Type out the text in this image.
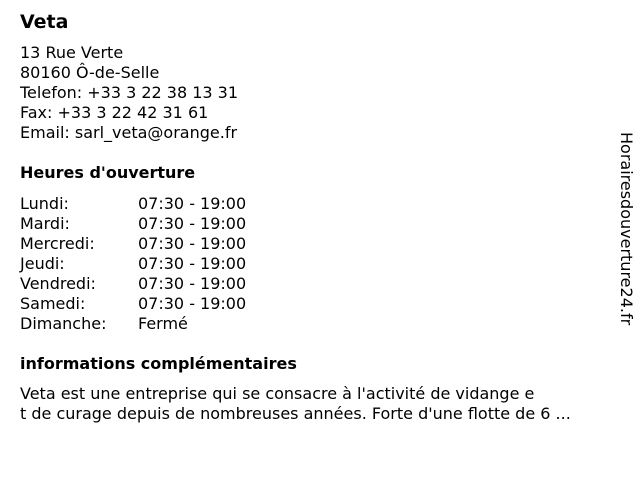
Veta
13 Rue Verte
80160 Ô-de-Selle
Telefon: +33 3 22 38 13 31
Fax: +33 3 22 42 31 61
Email: sarl_veta@orange.fr
Heures d'ouverture
Lundi:	07:30 - 19:00
Mardi:	07:30 - 19:00
Mercredi:	07:30 - 19:00
Jeudi:	07:30 - 19:00
Vendredi:	07:30 - 19:00
Samedi:	07:30 - 19:00
Dimanche:	Fermé
informations complémentaires
Veta est une entreprise qui se consacre à l'activité de vidange e
t de curage depuis de nombreuses années. Forte d'une flotte de 6 ...
Horairesdouverture24.fr
